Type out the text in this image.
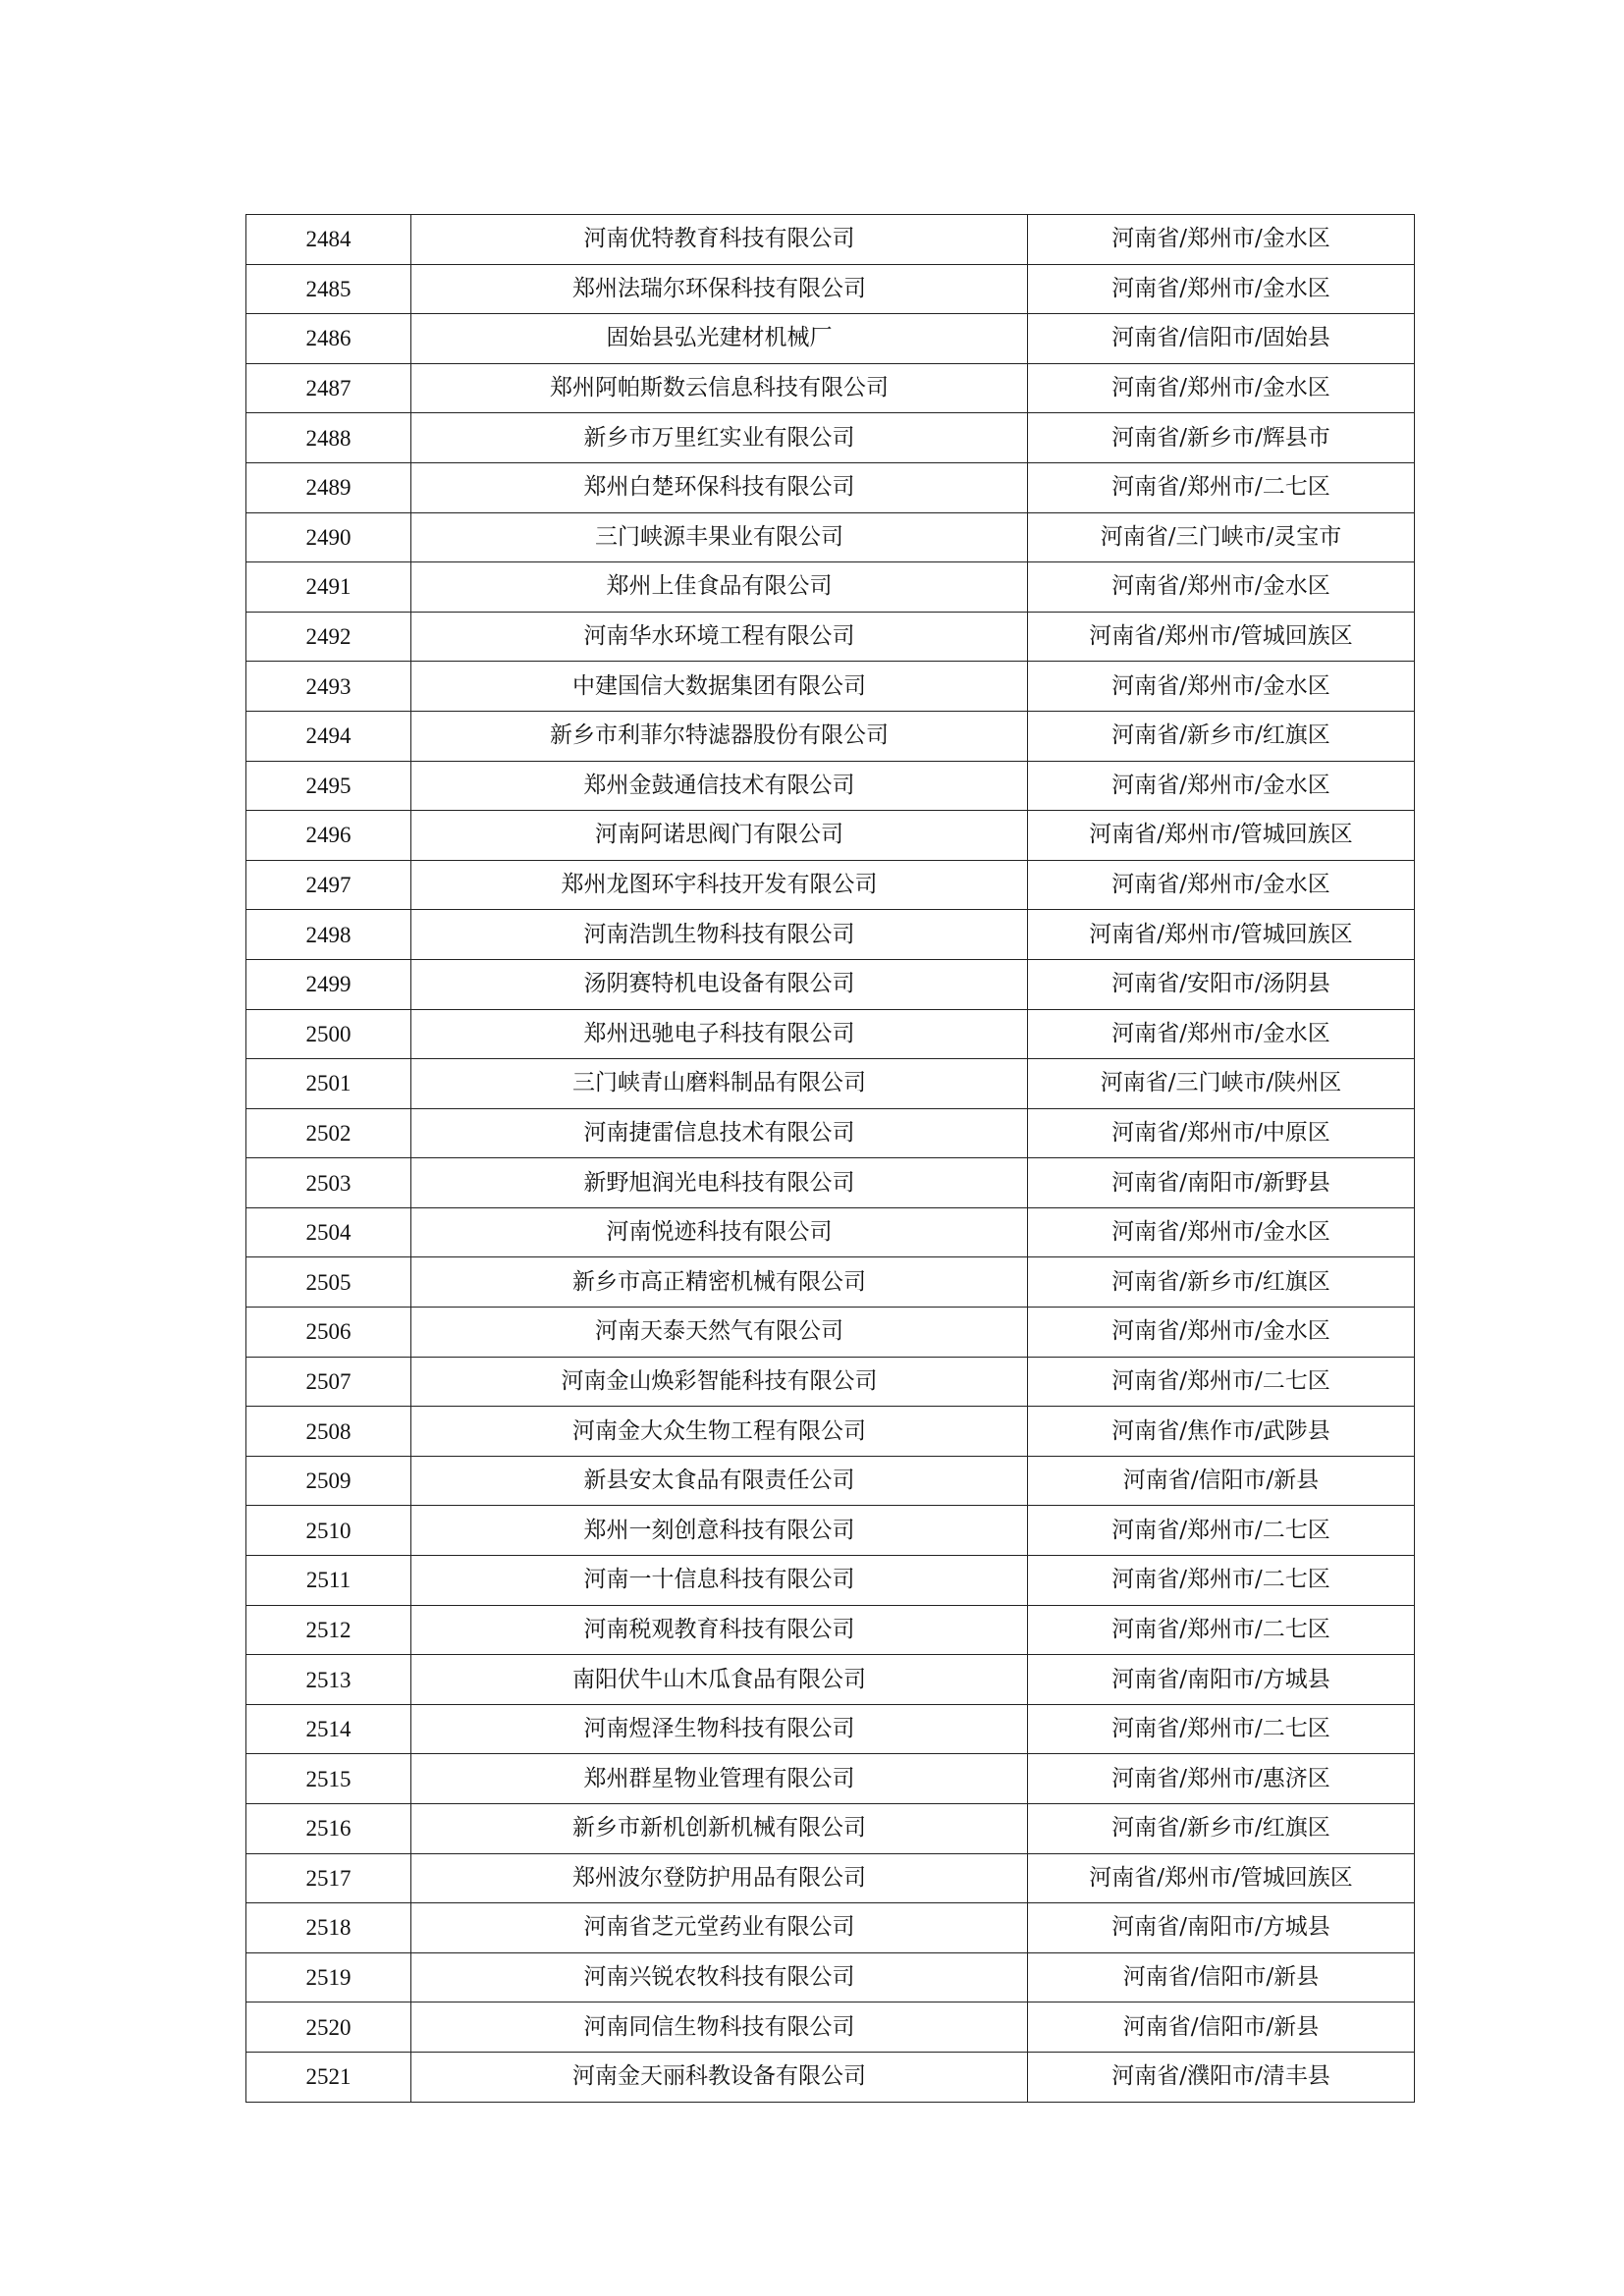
2484	河南优特教育科技有限公司	河南省/郑州市/金水区
2485	郑州法瑞尔环保科技有限公司	河南省/郑州市/金水区
2486	固始县弘光建材机械厂	河南省/信阳市/固始县
2487	郑州阿帕斯数云信息科技有限公司	河南省/郑州市/金水区
2488	新乡市万里红实业有限公司	河南省/新乡市/辉县市
2489	郑州白楚环保科技有限公司	河南省/郑州市/二七区
2490	三门峡源丰果业有限公司	河南省/三门峡市/灵宝市
2491	郑州上佳食品有限公司	河南省/郑州市/金水区
2492	河南华水环境工程有限公司	河南省/郑州市/管城回族区
2493	中建国信大数据集团有限公司	河南省/郑州市/金水区
2494	新乡市利菲尔特滤器股份有限公司	河南省/新乡市/红旗区
2495	郑州金鼓通信技术有限公司	河南省/郑州市/金水区
2496	河南阿诺思阀门有限公司	河南省/郑州市/管城回族区
2497	郑州龙图环宇科技开发有限公司	河南省/郑州市/金水区
2498	河南浩凯生物科技有限公司	河南省/郑州市/管城回族区
2499	汤阴赛特机电设备有限公司	河南省/安阳市/汤阴县
2500	郑州迅驰电子科技有限公司	河南省/郑州市/金水区
2501	三门峡青山磨料制品有限公司	河南省/三门峡市/陕州区
2502	河南捷雷信息技术有限公司	河南省/郑州市/中原区
2503	新野旭润光电科技有限公司	河南省/南阳市/新野县
2504	河南悦迹科技有限公司	河南省/郑州市/金水区
2505	新乡市高正精密机械有限公司	河南省/新乡市/红旗区
2506	河南天泰天然气有限公司	河南省/郑州市/金水区
2507	河南金山焕彩智能科技有限公司	河南省/郑州市/二七区
2508	河南金大众生物工程有限公司	河南省/焦作市/武陟县
2509	新县安太食品有限责任公司	河南省/信阳市/新县
2510	郑州一刻创意科技有限公司	河南省/郑州市/二七区
2511	河南一十信息科技有限公司	河南省/郑州市/二七区
2512	河南税观教育科技有限公司	河南省/郑州市/二七区
2513	南阳伏牛山木瓜食品有限公司	河南省/南阳市/方城县
2514	河南煜泽生物科技有限公司	河南省/郑州市/二七区
2515	郑州群星物业管理有限公司	河南省/郑州市/惠济区
2516	新乡市新机创新机械有限公司	河南省/新乡市/红旗区
2517	郑州波尔登防护用品有限公司	河南省/郑州市/管城回族区
2518	河南省芝元堂药业有限公司	河南省/南阳市/方城县
2519	河南兴锐农牧科技有限公司	河南省/信阳市/新县
2520	河南同信生物科技有限公司	河南省/信阳市/新县
2521	河南金天丽科教设备有限公司	河南省/濮阳市/清丰县
